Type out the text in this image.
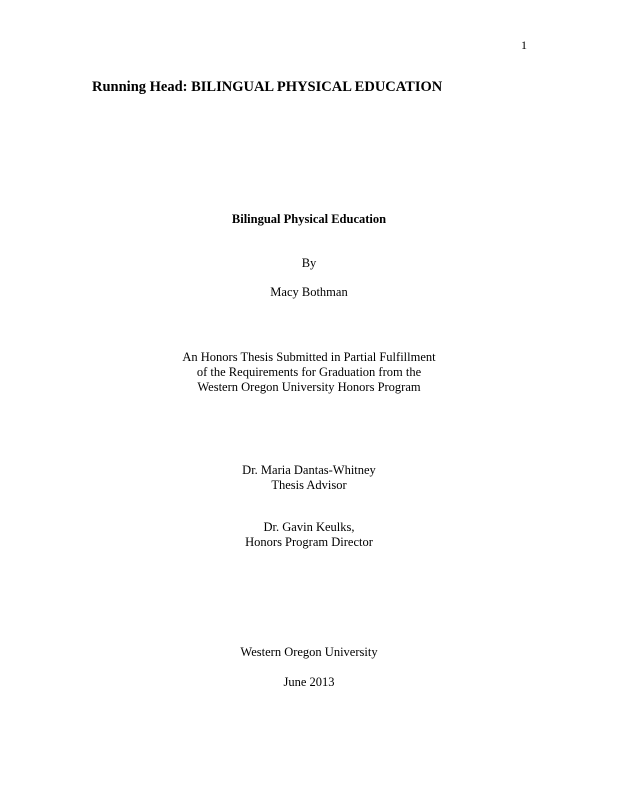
1
Running Head: BILINGUAL PHYSICAL EDUCATION
Bilingual Physical Education
By
Macy Bothman
An Honors Thesis Submitted in Partial Fulfillment
of the Requirements for Graduation from the
Western Oregon University Honors Program
Dr. Maria Dantas-Whitney
Thesis Advisor
Dr. Gavin Keulks,
Honors Program Director
Western Oregon University
June 2013
